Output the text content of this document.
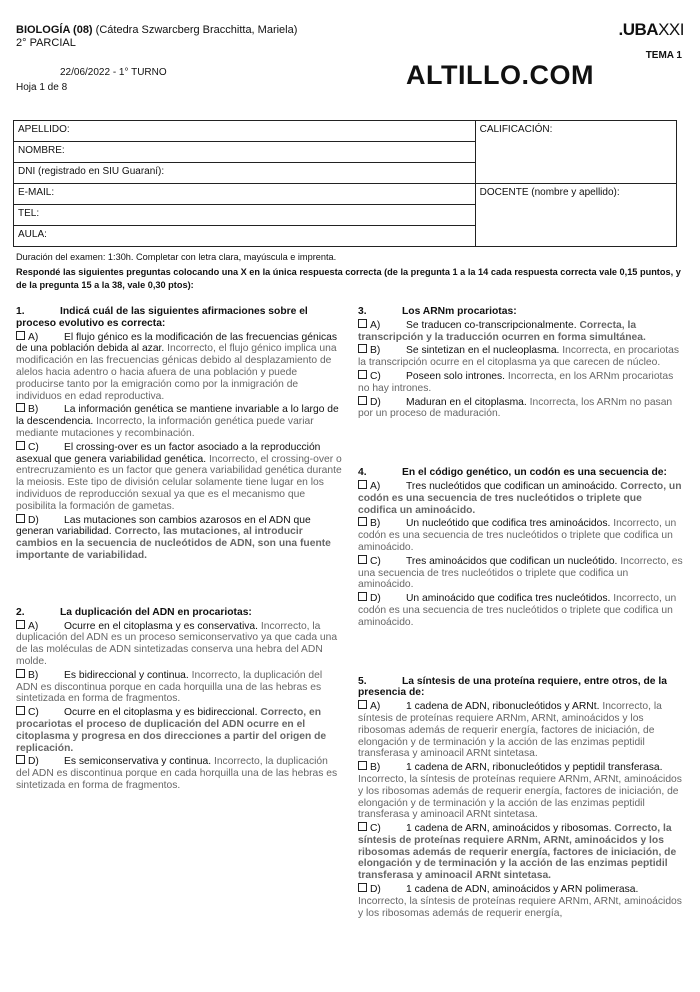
BIOLOGÍA (08) (Cátedra Szwarcberg Bracchitta, Mariela)
2° PARCIAL
22/06/2022 - 1° TURNO
Hoja 1 de 8
.UBAXXI
TEMA 1
ALTILLO.COM
APELLIDO:	CALIFICACIÓN:
NOMBRE:	
DNI (registrado en SIU Guaraní):	
E-MAIL:	DOCENTE (nombre y apellido):
TEL:	
AULA:	
Duración del examen: 1:30h. Completar con letra clara, mayúscula e imprenta.
Respondé las siguientes preguntas colocando una X en la única respuesta correcta (de la pregunta 1 a la 14 cada respuesta correcta vale 0,15 puntos, y de la pregunta 15 a la 38, vale 0,30 ptos):
1.	Indicá cuál de las siguientes afirmaciones sobre el proceso evolutivo es correcta:
A) El flujo génico es la modificación de las frecuencias génicas de una población debida al azar. Incorrecto, el flujo génico implica una modificación en las frecuencias génicas debido al desplazamiento de alelos hacia adentro o hacia afuera de una población y puede producirse tanto por la emigración como por la inmigración de individuos en edad reproductiva.
B) La información genética se mantiene invariable a lo largo de la descendencia. Incorrecto, la información genética puede variar mediante mutaciones y recombinación.
C) El crossing-over es un factor asociado a la reproducción asexual que genera variabilidad genética. Incorrecto, el crossing-over o entrecruzamiento es un factor que genera variabilidad genética durante la meiosis. Este tipo de división celular solamente tiene lugar en los individuos de reproducción sexual ya que es el mecanismo que posibilita la formación de gametas.
D) Las mutaciones son cambios azarosos en el ADN que generan variabilidad. Correcto, las mutaciones, al introducir cambios en la secuencia de nucleótidos de ADN, son una fuente importante de variabilidad.
2.	La duplicación del ADN en procariotas:
A) Ocurre en el citoplasma y es conservativa. Incorrecto, la duplicación del ADN es un proceso semiconservativo ya que cada una de las moléculas de ADN sintetizadas conserva una hebra del ADN molde.
B) Es bidireccional y continua. Incorrecto, la duplicación del ADN es discontinua porque en cada horquilla una de las hebras es sintetizada en forma de fragmentos.
C) Ocurre en el citoplasma y es bidireccional. Correcto, en procariotas el proceso de duplicación del ADN ocurre en el citoplasma y progresa en dos direcciones a partir del origen de replicación.
D) Es semiconservativa y continua. Incorrecto, la duplicación del ADN es discontinua porque en cada horquilla una de las hebras es sintetizada en forma de fragmentos.
3.	Los ARNm procariotas:
A) Se traducen co-transcripcionalmente. Correcta, la transcripción y la traducción ocurren en forma simultánea.
B) Se sintetizan en el nucleoplasma. Incorrecta, en procariotas la transcripción ocurre en el citoplasma ya que carecen de núcleo.
C) Poseen solo intrones. Incorrecta, en los ARNm procariotas no hay intrones.
D) Maduran en el citoplasma. Incorrecta, los ARNm no pasan por un proceso de maduración.
4.	En el código genético, un codón es una secuencia de:
A) Tres nucleótidos que codifican un aminoácido. Correcto, un codón es una secuencia de tres nucleótidos o triplete que codifica un aminoácido.
B) Un nucleótido que codifica tres aminoácidos. Incorrecto, un codón es una secuencia de tres nucleótidos o triplete que codifica un aminoácido.
C) Tres aminoácidos que codifican un nucleótido. Incorrecto, es una secuencia de tres nucleótidos o triplete que codifica un aminoácido.
D) Un aminoácido que codifica tres nucleótidos. Incorrecto, un codón es una secuencia de tres nucleótidos o triplete que codifica un aminoácido.
5.	La síntesis de una proteína requiere, entre otros, de la presencia de:
A) 1 cadena de ADN, ribonucleótidos y ARNt. Incorrecto, la síntesis de proteínas requiere ARNm, ARNt, aminoácidos y los ribosomas además de requerir energía, factores de iniciación, de elongación y de terminación y la acción de las enzimas peptidil transferasa y aminoacil ARNt sintetasa.
B) 1 cadena de ARN, ribonucleótidos y peptidil transferasa. Incorrecto, la síntesis de proteínas requiere ARNm, ARNt, aminoácidos y los ribosomas además de requerir energía, factores de iniciación, de elongación y de terminación y la acción de las enzimas peptidil transferasa y aminoacil ARNt sintetasa.
C) 1 cadena de ARN, aminoácidos y ribosomas. Correcto, la síntesis de proteínas requiere ARNm, ARNt, aminoácidos y los ribosomas además de requerir energía, factores de iniciación, de elongación y de terminación y la acción de las enzimas peptidil transferasa y aminoacil ARNt sintetasa.
D) 1 cadena de ADN, aminoácidos y ARN polimerasa. Incorrecto, la síntesis de proteínas requiere ARNm, ARNt, aminoácidos y los ribosomas además de requerir energía,
